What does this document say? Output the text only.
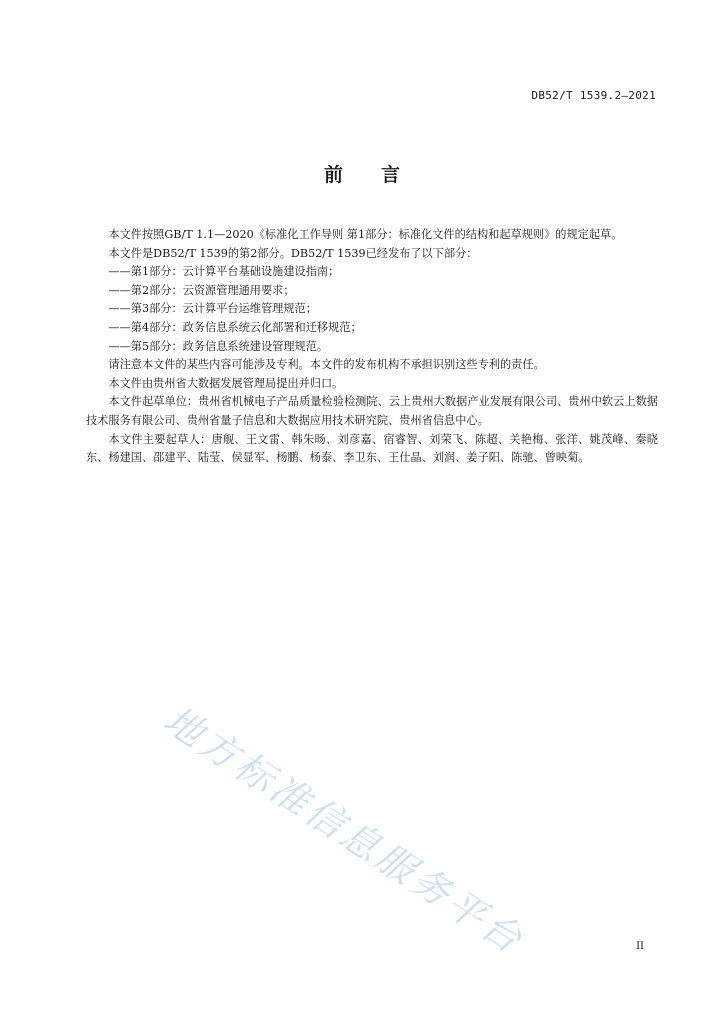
DB52/T 1539.2—2021
前言

本文件按照GB/T 1.1—2020《标准化工作导则 第1部分：标准化文件的结构和起草规则》的规定起草。

本文件是DB52/T 1539的第2部分。DB52/T 1539已经发布了以下部分：

——第1部分：云计算平台基础设施建设指南；

——第2部分：云资源管理通用要求；

——第3部分：云计算平台运维管理规范；

——第4部分：政务信息系统云化部署和迁移规范；

——第5部分：政务信息系统建设管理规范。

请注意本文件的某些内容可能涉及专利。本文件的发布机构不承担识别这些专利的责任。

本文件由贵州省大数据发展管理局提出并归口。

本文件起草单位：贵州省机械电子产品质量检验检测院、云上贵州大数据产业发展有限公司、贵州中软云上数据技术服务有限公司、贵州省量子信息和大数据应用技术研究院、贵州省信息中心。

本文件主要起草人：唐舰、王文雷、韩朱旸、刘彦嘉、宿睿智、刘荣飞、陈超、关艳梅、张洋、姚茂峰、秦晓东、杨建国、邵建平、陆莹、侯显军、杨鹏、杨泰、李卫东、王仕晶、刘润、姜子阳、陈驰、曾映菊。

地方标准信息服务平台	II
